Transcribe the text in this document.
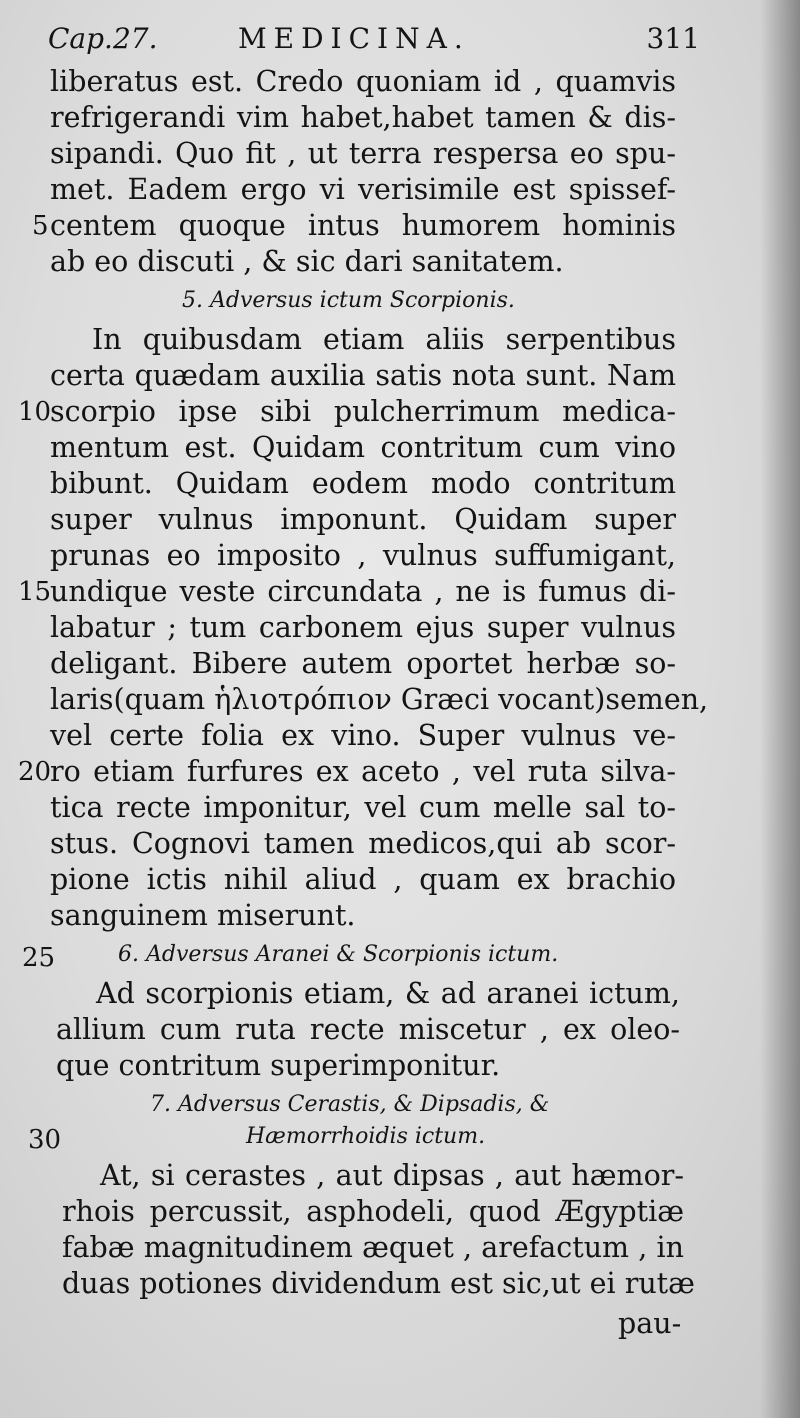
Cap.27.	MEDICINA.	311
liberatus est. Credo quoniam id , quamvis
refrigerandi vim habet,habet tamen & dis-
sipandi. Quo fit , ut terra respersa eo spu-
met. Eadem ergo vi verisimile est spissef-
centem quoque intus humorem hominis
ab eo discuti , & sic dari sanitatem.
5. Adversus ictum Scorpionis.
In quibusdam etiam aliis serpentibus
certa quædam auxilia satis nota sunt. Nam
scorpio ipse sibi pulcherrimum medica-
mentum est. Quidam contritum cum vino
bibunt. Quidam eodem modo contritum
super vulnus imponunt. Quidam super
prunas eo imposito , vulnus suffumigant,
undique veste circundata , ne is fumus di-
labatur ; tum carbonem ejus super vulnus
deligant. Bibere autem oportet herbæ so-
laris(quam ἡλιοτρόπιον Græci vocant)semen,
vel certe folia ex vino. Super vulnus ve-
ro etiam furfures ex aceto , vel ruta silva-
tica recte imponitur, vel cum melle sal to-
stus. Cognovi tamen medicos,qui ab scor-
pione ictis nihil aliud , quam ex brachio
sanguinem miserunt.
6. Adversus Aranei & Scorpionis ictum.
Ad scorpionis etiam, & ad aranei ictum,
allium cum ruta recte miscetur , ex oleo-
que contritum superimponitur.
7. Adversus Cerastis, & Dipsadis, &
Hæmorrhoidis ictum.
At, si cerastes , aut dipsas , aut hæmor-
rhois percussit, asphodeli, quod Ægyptiæ
fabæ magnitudinem æquet , arefactum , in
duas potiones dividendum est sic,ut ei rutæ
pau-
5
10
15
20
25
30
